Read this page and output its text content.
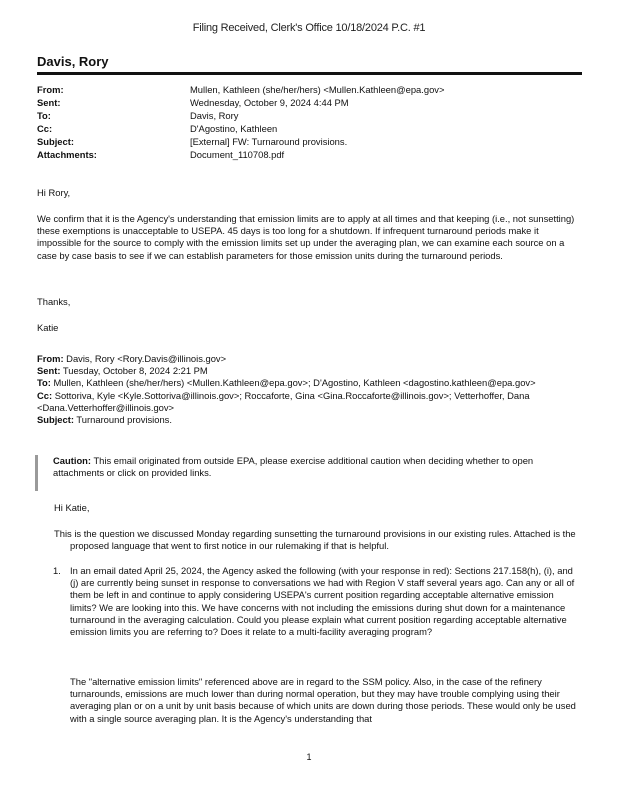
Filing Received, Clerk's Office 10/18/2024 P.C. #1
Davis, Rory
From:	Mullen, Kathleen (she/her/hers) <Mullen.Kathleen@epa.gov>
Sent:	Wednesday, October 9, 2024 4:44 PM
To:	Davis, Rory
Cc:	D'Agostino, Kathleen
Subject:	[External] FW: Turnaround provisions.
Attachments:	Document_110708.pdf
Hi Rory,
We confirm that it is the Agency's understanding that emission limits are to apply at all times and that keeping (i.e., not sunsetting) these exemptions is unacceptable to USEPA. 45 days is too long for a shutdown. If infrequent turnaround periods make it impossible for the source to comply with the emission limits set up under the averaging plan, we can examine each source on a case by case basis to see if we can establish parameters for those emission units during the turnaround periods.
Thanks,
Katie
From: Davis, Rory <Rory.Davis@illinois.gov>
Sent: Tuesday, October 8, 2024 2:21 PM
To: Mullen, Kathleen (she/her/hers) <Mullen.Kathleen@epa.gov>; D'Agostino, Kathleen <dagostino.kathleen@epa.gov>
Cc: Sottoriva, Kyle <Kyle.Sottoriva@illinois.gov>; Roccaforte, Gina <Gina.Roccaforte@illinois.gov>; Vetterhoffer, Dana <Dana.Vetterhoffer@illinois.gov>
Subject: Turnaround provisions.
Caution: This email originated from outside EPA, please exercise additional caution when deciding whether to open attachments or click on provided links.
Hi Katie,
This is the question we discussed Monday regarding sunsetting the turnaround provisions in our existing rules. Attached is the proposed language that went to first notice in our rulemaking if that is helpful.
1. In an email dated April 25, 2024, the Agency asked the following (with your response in red): Sections 217.158(h), (i), and (j) are currently being sunset in response to conversations we had with Region V staff several years ago. Can any or all of them be left in and continue to apply considering USEPA's current position regarding acceptable alternative emission limits? We are looking into this. We have concerns with not including the emissions during shut down for a maintenance turnaround in the averaging calculation. Could you please explain what current position regarding acceptable alternative emission limits you are referring to? Does it relate to a multi-facility averaging program?
The "alternative emission limits" referenced above are in regard to the SSM policy. Also, in the case of the refinery turnarounds, emissions are much lower than during normal operation, but they may have trouble complying using their averaging plan or on a unit by unit basis because of which units are down during those periods. These would only be used with a single source averaging plan. It is the Agency's understanding that
1
